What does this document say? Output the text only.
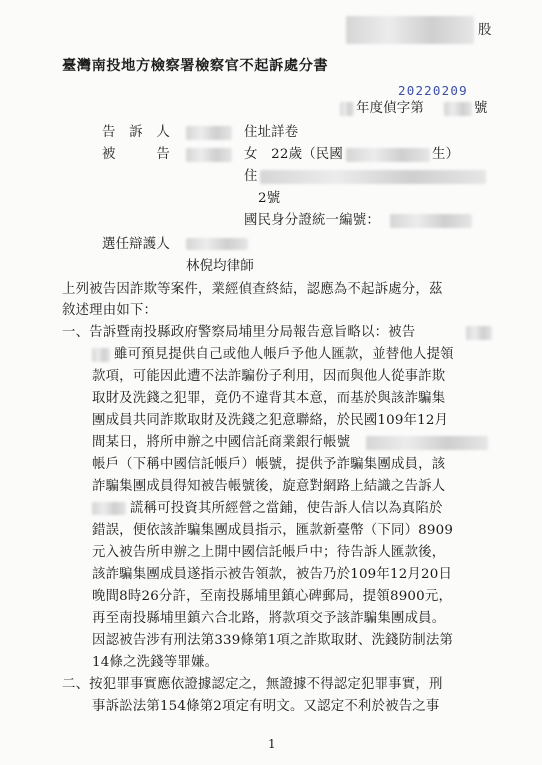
股
臺灣南投地方檢察署檢察官不起訴處分書
20220209
年度偵字第	號
告　訴　人	住址詳卷
被　　　告	女　22歲（民國	生）
住
2號
國民身分證統一編號：
選任辯護人
林倪均律師
上列被告因詐欺等案件，業經偵查終結，認應為不起訴處分，茲
敘述理由如下：
一、告訴暨南投縣政府警察局埔里分局報告意旨略以：被告
雖可預見提供自己或他人帳戶予他人匯款，並替他人提領
款項，可能因此遭不法詐騙份子利用，因而與他人從事詐欺
取財及洗錢之犯罪，竟仍不違背其本意，而基於與該詐騙集
團成員共同詐欺取財及洗錢之犯意聯絡，於民國109年12月
間某日，將所申辦之中國信託商業銀行帳號
帳戶（下稱中國信託帳戶）帳號，提供予詐騙集團成員，該
詐騙集團成員得知被告帳號後，旋意對網路上結識之告訴人
謊稱可投資其所經營之當鋪，使告訴人信以為真陷於
錯誤，便依該詐騙集團成員指示，匯款新臺幣（下同）8909
元入被告所申辦之上開中國信託帳戶中；待告訴人匯款後，
該詐騙集團成員遂指示被告領款，被告乃於109年12月20日
晚間8時26分許，至南投縣埔里鎮心碑郵局，提領8900元，
再至南投縣埔里鎮六合北路，將款項交予該詐騙集團成員。
因認被告涉有刑法第339條第1項之詐欺取財、洗錢防制法第
14條之洗錢等罪嫌。
二、按犯罪事實應依證據認定之，無證據不得認定犯罪事實，刑
事訴訟法第154條第2項定有明文。又認定不利於被告之事
1
